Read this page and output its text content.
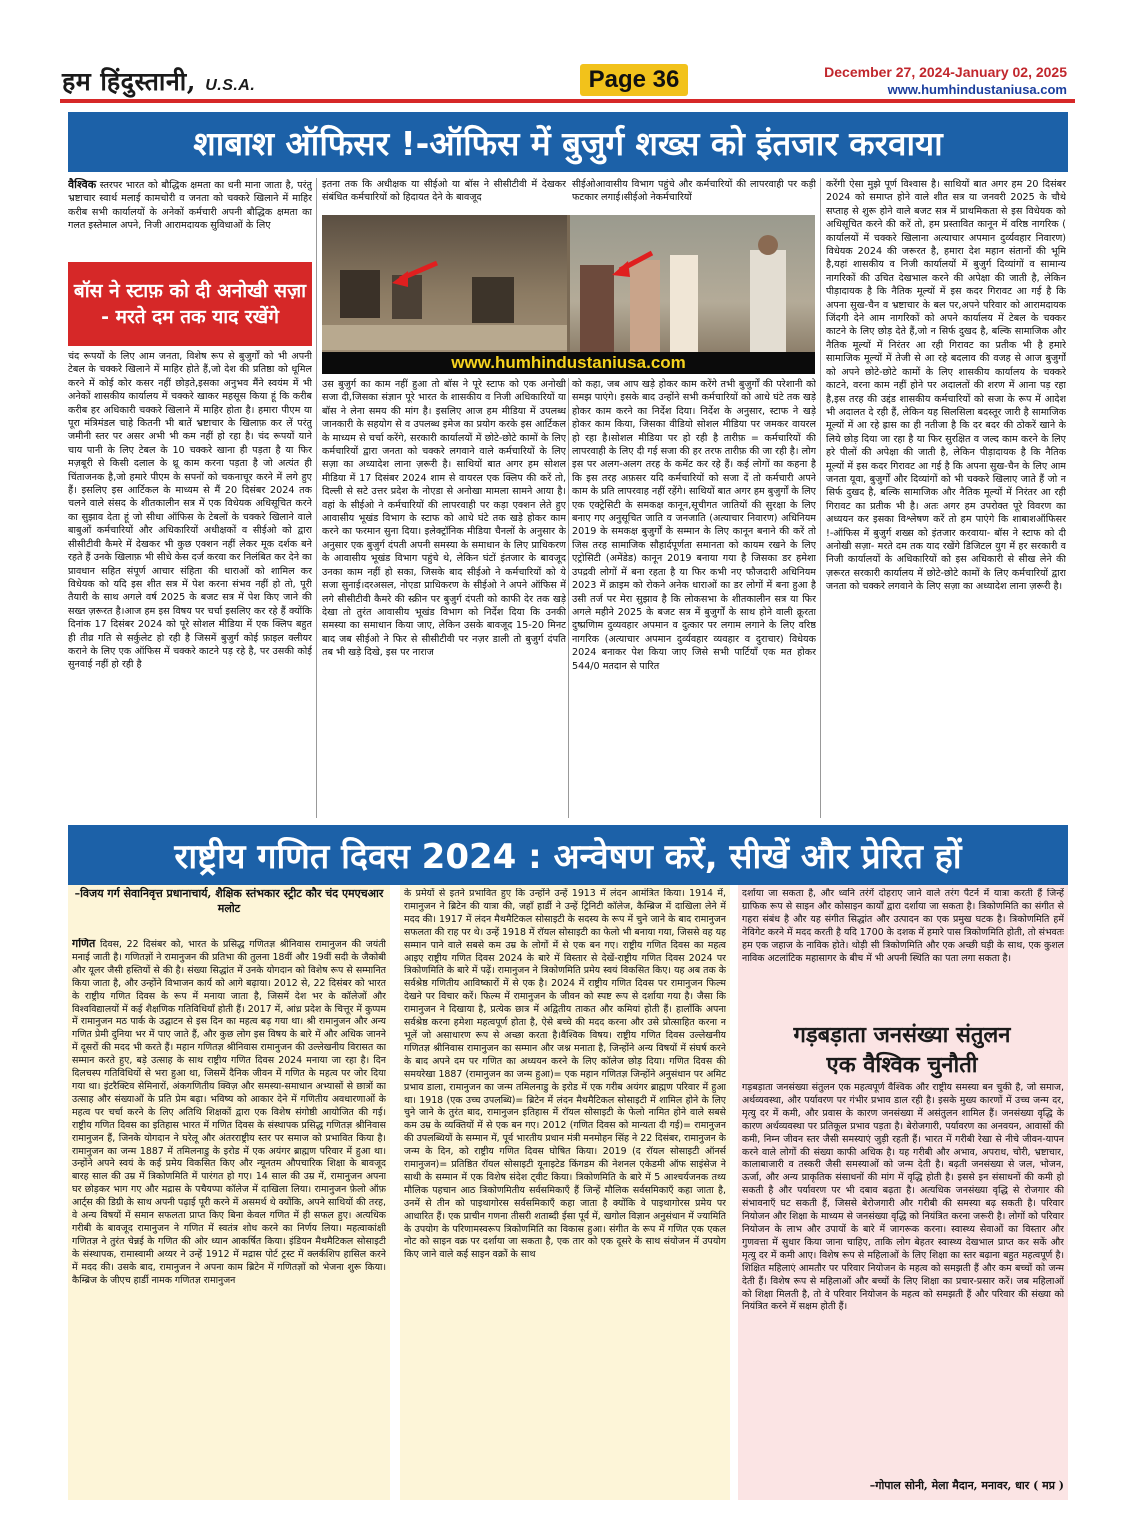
हम हिंदुस्तानी, U.S.A.	Page 36	December 27, 2024-January 02, 2025
www.humhindustaniusa.com
शाबाश ऑफिसर !-ऑफिस में बुजुर्ग शख्स को इंतजार करवाया

वैश्विक स्तरपर भारत को बौद्धिक क्षमता का धनी माना जाता है, परंतु भ्रष्टाचार स्वार्थ मलाई कामचोरी व जनता को चक्करे खिलाने में माहिर करीब सभी कार्यालयों के अनेकों कर्मचारी अपनी बौद्धिक क्षमता का गलत इस्तेमाल अपने, निजी आरामदायक सुविधाओं के लिए

बॉस ने स्टाफ़ को दी अनोखी सज़ा - मरते दम तक याद रखेंगे
चंद रूपयों के लिए आम जनता, विशेष रूप से बुजुर्गों को भी अपनी टेबल के चक्करे खिलाने में माहिर होते हैं,जो देश की प्रतिष्ठा को धूमिल करने में कोई कोर कसर नहीं छोड़ते,इसका अनुभव मैंने स्वयंम में भी अनेकों शासकीय कार्यालय में चक्करे खाकर महसूस किया हूं कि करीब करीब हर अधिकारी चक्करे खिलाने में माहिर होता है। हमारा पीएम या पूरा मंत्रिमंडल चाहे कितनी भी बातें भ्रष्टाचार के खिलाफ़ कर लें परंतु जमीनी स्तर पर असर अभी भी कम नहीं हो रहा है। चंद रूपयों याने चाय पानी के लिए टेबल के 10 चक्करे खाना ही पड़ता है या फिर मज़बूरी से किसी दलाल के थ्रू काम करना पड़ता है जो अत्यंत ही चिंताजनक है,जो हमारे पीएम के सपनों को चकनाचूर करने में लगे हुए हैं। इसलिए इस आर्टिकल के माध्यम से मैं 20 दिसंबर 2024 तक चलने वाले संसद के शीतकालीन सत्र में एक विधेयक अधिसूचित करने का सुझाव देता हूं जो सीधा ऑफिस के टेबलों के चक्करे खिलाने वाले बाबुओं कर्मचारियों और अधिकारियों अधीक्षकों व सीईओ को द्वारा सीसीटीवी कैमरे में देखकर भी कुछ एक्शन नहीं लेकर मूक दर्शक बने रहते हैं उनके खिलाफ़ भी सीधे केस दर्ज करवा कर निलंबित कर देने का प्रावधान सहित संपूर्ण आचार संहिता की धाराओं को शामिल कर विधेयक को यदि इस शीत सत्र में पेश करना संभव नहीं हो तो, पूरी तैयारी के साथ अगले वर्ष 2025 के बजट सत्र में पेश किए जाने की सख्त ज़रूरत है।आज हम इस विषय पर चर्चा इसलिए कर रहे हैं क्योंकि दिनांक 17 दिसंबर 2024 को पूरे सोशल मीडिया में एक क्लिप बहुत ही तीव्र गति से सर्कुलेट हो रही है जिसमें बुजुर्ग कोई फ़ाइल क्लीयर कराने के लिए एक ऑफिस में चक्करे काटने पड़ रहे है, पर उसकी कोई सुनवाई नहीं हो रही है
इतना तक कि अधीक्षक या सीईओ या बॉस ने सीसीटीवी में देखकर संबंधित कर्मचारियों को हिदायत देने के बावजूद
सीईओआवासीय विभाग पहुंचे और कर्मचारियों की लापरवाही पर कड़ी फटकार लगाई।सीईओ नेकर्मचारियों
www.humhindustaniusa.com
उस बुजुर्ग का काम नहीं हुआ तो बॉस ने पूरे स्टाफ को एक अनोखी सजा दी,जिसका संज्ञान पूरे भारत के शासकीय व निजी अधिकारियों या बॉस ने लेना समय की मांग है। इसलिए आज हम मीडिया में उपलब्ध जानकारी के सहयोग से व उपलब्ध इमेज का प्रयोग करके इस आर्टिकल के माध्यम से चर्चा करेंगे, सरकारी कार्यालयों में छोटे-छोटे कामों के लिए कर्मचारियों द्वारा जनता को चक्करे लगवाने वाले कर्मचारियों के लिए सज़ा का अध्यादेश लाना ज़रूरी है। साथियों बात अगर हम सोशल मीडिया में 17 दिसंबर 2024 शाम से वायरल एक क्लिप की करें तो, दिल्ली से सटे उत्तर प्रदेश के नोएडा से अनोखा मामला सामने आया है। वहां के सीईओ ने कर्मचारियों की लापरवाही पर कड़ा एक्शन लेते हुए आवासीय भूखंड विभाग के स्टाफ को आधे घंटे तक खड़े होकर काम करने का फरमान सुना दिया। इलेक्ट्रॉनिक मीडिया चैनलों के अनुसार के अनुसार एक बुजुर्ग दंपती अपनी समस्या के समाधान के लिए प्राधिकरण के आवासीय भूखंड विभाग पहुंचे थे, लेकिन घंटों इंतजार के बावजूद उनका काम नहीं हो सका, जिसके बाद सीईओ ने कर्मचारियों को ये सजा सुनाई।दरअसल, नोएडा प्राधिकरण के सीईओ ने अपने ऑफिस में लगे सीसीटीवी कैमरे की स्क्रीन पर बुजुर्ग दंपती को काफी देर तक खड़े देखा तो तुरंत आवासीय भूखंड विभाग को निर्देश दिया कि उनकी समस्या का समाधान किया जाए, लेकिन उसके बावजूद 15-20 मिनट बाद जब सीईओ ने फिर से सीसीटीवी पर नज़र डाली तो बुजुर्ग दंपति तब भी खड़े दिखे, इस पर नाराज
को कहा, जब आप खड़े होकर काम करेंगे तभी बुजुर्गों की परेशानी को समझ पाएंगे। इसके बाद उन्होंने सभी कर्मचारियों को आधे घंटे तक खड़े होकर काम करने का निर्देश दिया। निर्देश के अनुसार, स्टाफ ने खड़े होकर काम किया, जिसका वीडियो सोशल मीडिया पर जमकर वायरल हो रहा है।सोशल मीडिया पर हो रही है तारीफ़ = कर्मचारियों की लापरवाही के लिए दी गई सजा की हर तरफ तारीफ़ की जा रही है। लोग इस पर अलग-अलग तरह के कमेंट कर रहे हैं। कई लोगों का कहना है कि इस तरह अफ़सर यदि कर्मचारियों को सजा दें तो कर्मचारी अपने काम के प्रति लापरवाह नहीं रहेंगे। साथियों बात अगर हम बुजुर्गों के लिए एक एक्ट्रेसिटी के समकक्ष कानून,सूचीगत जातियों की सुरक्षा के लिए बनाए गए अनुसूचित जाति व जनजाति (अत्याचार निवारण) अधिनियम 2019 के समकक्ष बुजुर्गों के सम्मान के लिए कानून बनाने की करें तो जिस तरह सामाजिक सौहार्दपूर्णता समानता को कायम रखने के लिए एट्रोसिटी (अमेंडेड) कानून 2019 बनाया गया है जिसका डर हमेशा उपद्रवी लोगों में बना रहता है या फिर कभी नए फौजदारी अधिनियम 2023 में क्राइम को रोकने अनेक धाराओं का डर लोगों में बना हुआ है उसी तर्ज पर मेरा सुझाव है कि लोकसभा के शीतकालीन सत्र या फिर अगले महीने 2025 के बजट सत्र में बुजुर्गों के साथ होने वाली क्रूरता दुष्प्रणिाम दुव्यवहार अपमान व दुत्कार पर लगाम लगाने के लिए वरिष्ठ नागरिक (अत्याचार अपमान दुर्व्यवहार व्यवहार व दुराचार) विधेयक 2024 बनाकर पेश किया जाए जिसे सभी पार्टियाँ एक मत होकर 544/0 मतदान से पारित
करेंगी ऐसा मुझे पूर्ण विश्वास है। साथियों बात अगर हम 20 दिसंबर 2024 को समाप्त होने वाले शीत सत्र या जनवरी 2025 के चौथे सप्ताह से शुरू होने वाले बजट सत्र में प्राथमिकता से इस विधेयक को अधिसूचित करने की करें तो, हम प्रस्तावित कानून में वरिष्ठ नागरिक ( कार्यालयों में चक्करे खिलाना अत्याचार अपमान दुर्व्यवहार निवारण) विधेयक 2024 की जरूरत है, हमारा देश महान संतानों की भूमि है,यहां शासकीय व निजी कार्यालयों में बुजुर्ग दिव्यांगों व सामान्य नागरिकों की उचित देखभाल करने की अपेक्षा की जाती है, लेकिन पीड़ादायक है कि नैतिक मूल्यों में इस कदर गिरावट आ गई है कि अपना सुख-चैन व भ्रष्टाचार के बल पर,अपने परिवार को आरामदायक जिंदगी देने आम नागरिकों को अपने कार्यालय में टेबल के चक्कर काटने के लिए छोड़ देते हैं,जो न सिर्फ दुखद है, बल्कि सामाजिक और नैतिक मूल्यों में निरंतर आ रही गिरावट का प्रतीक भी है हमारे सामाजिक मूल्यों में तेजी से आ रहे बदलाव की वजह से आज बुजुर्गों को अपने छोटे-छोटे कामों के लिए शासकीय कार्यालय के चक्करे काटने, वरना काम नहीं होने पर अदालतों की शरण में आना पड़ रहा है,इस तरह की उद्दंड शासकीय कर्मचारियों को सजा के रूप में आदेश भी अदालत दे रही हैं, लेकिन यह सिलसिला बदस्तूर जारी है सामाजिक मूल्यों में आ रहे ह्रास का ही नतीजा है कि दर बदर की ठोकरें खाने के लिये छोड़ दिया जा रहा है या फिर सुरक्षित व जल्द काम करने के लिए हरे पीलों की अपेक्षा की जाती है, लेकिन पीड़ादायक है कि नैतिक मूल्यों में इस कदर गिरावट आ गई है कि अपना सुख-चैन के लिए आम जनता यूवा, बुजुर्गों और दिव्यांगों को भी चक्करे खिलाए जाते हैं जो न सिर्फ दुखद है, बल्कि सामाजिक और नैतिक मूल्यों में निरंतर आ रही गिरावट का प्रतीक भी है। अतः अगर हम उपरोक्त पूरे विवरण का अध्ययन कर इसका विश्लेषण करें तो हम पाएंगे कि शाबाशऑफिसर !-ऑफिस में बुजुर्ग शख्स को इंतजार करवाया- बॉस ने स्टाफ को दी अनोखी सज़ा- मरते दम तक याद रखेंगे डिजिटल युग में हर सरकारी व निजी कार्यालयों के अधिकारियों को इस अधिकारी से सीख लेने की ज़रूरत सरकारी कार्यालय में छोटे-छोटे कामों के लिए कर्मचारियों द्वारा जनता को चक्करे लगवाने के लिए सज़ा का अध्यादेश लाना ज़रूरी है।
राष्ट्रीय गणित दिवस 2024 : अन्वेषण करें, सीखें और प्रेरित हों
–विजय गर्ग सेवानिवृत्त प्रधानाचार्य, शैक्षिक स्तंभकार स्ट्रीट कौर चंद एमएचआर मलोट

गणित दिवस, 22 दिसंबर को, भारत के प्रसिद्ध गणितज्ञ श्रीनिवास रामानुजन की जयंती मनाई जाती है। गणितज्ञों ने रामानुजन की प्रतिभा की तुलना 18वीं और 19वीं सदी के जैकोबी और यूलर जैसी हस्तियों से की है। संख्या सिद्धांत में उनके योगदान को विशेष रूप से सम्मानित किया जाता है, और उन्होंने विभाजन कार्य को आगे बढ़ाया। 2012 से, 22 दिसंबर को भारत के राष्ट्रीय गणित दिवस के रूप में मनाया जाता है, जिसमें देश भर के कॉलेजों और विश्वविद्यालयों में कई शैक्षणिक गतिविधियाँ होती हैं। 2017 में, आंध्र प्रदेश के चित्तूर में कुप्पम में रामानुजन मठ पार्क के उद्घाटन से इस दिन का महत्व बढ़ गया था। श्री रामानुजन और अन्य गणित प्रेमी दुनिया भर में पाए जाते हैं, और कुछ लोग इस विषय के बारे में और अधिक जानने में दूसरों की मदद भी करते हैं। महान गणितज्ञ श्रीनिवास रामानुजन की उल्लेखनीय विरासत का सम्मान करते हुए, बड़े उत्साह के साथ राष्ट्रीय गणित दिवस 2024 मनाया जा रहा है। दिन दिलचस्प गतिविधियों से भरा हुआ था, जिसमें दैनिक जीवन में गणित के महत्व पर जोर दिया गया था। इंटरैक्टिव सेमिनारों, अंकगणितीय क्विज़ और समस्या-समाधान अभ्यासों से छात्रों का उत्साह और संख्याओं के प्रति प्रेम बढ़ा। भविष्य को आकार देने में गणितीय अवधारणाओं के महत्व पर चर्चा करने के लिए अतिथि शिक्षकों द्वारा एक विशेष संगोष्ठी आयोजित की गई। राष्ट्रीय गणित दिवस का इतिहास भारत में गणित दिवस के संस्थापक प्रसिद्ध गणितज्ञ श्रीनिवास रामानुजन हैं, जिनके योगदान ने घरेलू और अंतरराष्ट्रीय स्तर पर समाज को प्रभावित किया है। रामानुजन का जन्म 1887 में तमिलनाडु के इरोड में एक अयंगर ब्राह्मण परिवार में हुआ था। उन्होंने अपने स्वयं के कई प्रमेय विकसित किए और न्यूनतम औपचारिक शिक्षा के बावजूद बारह साल की उम्र में त्रिकोणमिति में पारंगत हो गए। 14 साल की उम्र में, रामानुजन अपना घर छोड़कर भाग गए और मद्रास के पचैयप्पा कॉलेज में दाखिला लिया। रामानुजन फ़ेलो ऑफ़ आर्ट्स की डिग्री के साथ अपनी पढ़ाई पूरी करने में असमर्थ थे क्योंकि, अपने साथियों की तरह, वे अन्य विषयों में समान सफलता प्राप्त किए बिना केवल गणित में ही सफल हुए। अत्यधिक गरीबी के बावजूद रामानुजन ने गणित में स्वतंत्र शोध करने का निर्णय लिया। महत्वाकांक्षी गणितज्ञ ने तुरंत चेन्नई के गणित की ओर ध्यान आकर्षित किया। इंडियन मैथमैटिकल सोसाइटी के संस्थापक, रामास्वामी अय्यर ने उन्हें 1912 में मद्रास पोर्ट ट्रस्ट में क्लर्कशिप हासिल करने में मदद की। उसके बाद, रामानुजन ने अपना काम ब्रिटेन में गणितज्ञों को भेजना शुरू किया। कैम्ब्रिज के जीएच हार्डी नामक गणितज्ञ रामानुजन

के प्रमेयों से इतने प्रभावित हुए कि उन्होंने उन्हें 1913 में लंदन आमंत्रित किया। 1914 में, रामानुजन ने ब्रिटेन की यात्रा की, जहाँ हार्डी ने उन्हें ट्रिनिटी कॉलेज, कैम्ब्रिज में दाखिला लेने में मदद की। 1917 में लंदन मैथमैटिकल सोसाइटी के सदस्य के रूप में चुने जाने के बाद रामानुजन सफलता की राह पर थे। उन्हें 1918 में रॉयल सोसाइटी का फेलो भी बनाया गया, जिससे वह यह सम्मान पाने वाले सबसे कम उम्र के लोगों में से एक बन गए। राष्ट्रीय गणित दिवस का महत्व आइए राष्ट्रीय गणित दिवस 2024 के बारे में विस्तार से देखें-राष्ट्रीय गणित दिवस 2024 पर त्रिकोणमिति के बारे में पढ़ें। रामानुजन ने त्रिकोणमिति प्रमेय स्वयं विकसित किए। यह अब तक के सर्वश्रेष्ठ गणितीय आविष्कारों में से एक है। 2024 में राष्ट्रीय गणित दिवस पर रामानुजन फिल्म देखने पर विचार करें। फिल्म में रामानुजन के जीवन को स्पष्ट रूप से दर्शाया गया है। जैसा कि रामानुजन ने दिखाया है, प्रत्येक छात्र में अद्वितीय ताकत और कमियां होती हैं। हालाँकि अपना सर्वश्रेष्ठ करना हमेशा महत्वपूर्ण होता है, ऐसे बच्चे की मदद करना और उसे प्रोत्साहित करना न भूलें जो असाधारण रूप से अच्छा करता है।वैश्विक विषय। राष्ट्रीय गणित दिवस उल्लेखनीय गणितज्ञ श्रीनिवास रामानुजन का सम्मान और जश्न मनाता है, जिन्होंने अन्य विषयों में संघर्ष करने के बाद अपने दम पर गणित का अध्ययन करने के लिए कॉलेज छोड़ दिया। गणित दिवस की समयरेखा 1887 (रामानुजन का जन्म हुआ)= एक महान गणितज्ञ जिन्होंने अनुसंधान पर अमिट प्रभाव डाला, रामानुजन का जन्म तमिलनाडु के इरोड में एक गरीब अयंगर ब्राह्मण परिवार में हुआ था। 1918 (एक उच्च उपलब्धि)= ब्रिटेन में लंदन मैथमैटिकल सोसाइटी में शामिल होने के लिए चुने जाने के तुरंत बाद, रामानुजन इतिहास में रॉयल सोसाइटी के फेलो नामित होने वाले सबसे कम उम्र के व्यक्तियों में से एक बन गए। 2012 (गणित दिवस को मान्यता दी गई)= रामानुजन की उपलब्धियों के सम्मान में, पूर्व भारतीय प्रधान मंत्री मनमोहन सिंह ने 22 दिसंबर, रामानुजन के जन्म के दिन, को राष्ट्रीय गणित दिवस घोषित किया। 2019 (द रॉयल सोसाइटी ऑनर्स रामानुजन)= प्रतिष्ठित रॉयल सोसाइटी यूनाइटेड किंगडम की नेशनल एकेडमी ऑफ साइंसेज ने साथी के सम्मान में एक विशेष संदेश ट्वीट किया। त्रिकोणमिति के बारे में 5 आश्चर्यजनक तथ्य मौलिक पहचान आठ त्रिकोणमितीय सर्वसमिकाएँ हैं जिन्हें मौलिक सर्वसमिकाएँ कहा जाता है, उनमें से तीन को पाइथागोरस सर्वसमिकाएँ कहा जाता है क्योंकि वे पाइथागोरस प्रमेय पर आधारित हैं। एक प्राचीन गणना तीसरी शताब्दी ईसा पूर्व में, खगोल विज्ञान अनुसंधान में ज्यामिति के उपयोग के परिणामस्वरूप त्रिकोणमिति का विकास हुआ। संगीत के रूप में गणित एक एकल नोट को साइन वक्र पर दर्शाया जा सकता है, एक तार को एक दूसरे के साथ संयोजन में उपयोग किए जाने वाले कई साइन वक्रों के साथ
दर्शाया जा सकता है, और ध्वनि तरंगें दोहराए जाने वाले तरंग पैटर्न में यात्रा करती हैं जिन्हें ग्राफिक रूप से साइन और कोसाइन कार्यों द्वारा दर्शाया जा सकता है। त्रिकोणमिति का संगीत से गहरा संबंध है और यह संगीत सिद्धांत और उत्पादन का एक प्रमुख घटक है। त्रिकोणमिति हमें नेविगेट करने में मदद करती है यदि 1700 के दशक में हमारे पास त्रिकोणमिति होती, तो संभवतः हम एक जहाज के नाविक होते। थोड़ी सी त्रिकोणमिति और एक अच्छी घड़ी के साथ, एक कुशल नाविक अटलांटिक महासागर के बीच में भी अपनी स्थिति का पता लगा सकता है।
गड़बड़ाता जनसंख्या संतुलन
एक वैश्विक चुनौती
गड़बड़ाता जनसंख्या संतुलन एक महत्वपूर्ण वैश्विक और राष्ट्रीय समस्या बन चुकी है, जो समाज, अर्थव्यवस्था, और पर्यावरण पर गंभीर प्रभाव डाल रही है। इसके मुख्य कारणों में उच्च जन्म दर, मृत्यु दर में कमी, और प्रवास के कारण जनसंख्या में असंतुलन शामिल हैं। जनसंख्या वृद्धि के कारण अर्थव्यवस्था पर प्रतिकूल प्रभाव पड़ता है। बेरोजगारी, पर्यावरण का अनवयन, आवासों की कमी, निम्न जीवन स्तर जैसी समस्याएं जुड़ी रहती हैं। भारत में गरीबी रेखा से नीचे जीवन-यापन करने वाले लोगों की संख्या काफी अधिक है। यह गरीबी और अभाव, अपराध, चोरी, भ्रष्टाचार, कालाबाजारी व तस्करी जैसी समस्याओं को जन्म देती है। बढ़ती जनसंख्या से जल, भोजन, ऊर्जा, और अन्य प्राकृतिक संसाधनों की मांग में वृद्धि होती है। इससे इन संसाधनों की कमी हो सकती है और पर्यावरण पर भी दबाव बढ़ता है। अत्यधिक जनसंख्या वृद्धि से रोजगार की संभावनाएँ घट सकती हैं, जिससे बेरोजगारी और गरीबी की समस्या बढ़ सकती है। परिवार नियोजन और शिक्षा के माध्यम से जनसंख्या वृद्धि को नियंत्रित करना जरूरी है। लोगों को परिवार नियोजन के लाभ और उपायों के बारे में जागरूक करना। स्वास्थ्य सेवाओं का विस्तार और गुणवत्ता में सुधार किया जाना चाहिए, ताकि लोग बेहतर स्वास्थ्य देखभाल प्राप्त कर सकें और मृत्यु दर में कमी आए। विशेष रूप से महिलाओं के लिए शिक्षा का स्तर बढ़ाना बहुत महत्वपूर्ण है। शिक्षित महिलाएं आमतौर पर परिवार नियोजन के महत्व को समझती हैं और कम बच्चों को जन्म देती हैं। विशेष रूप से महिलाओं और बच्चों के लिए शिक्षा का प्रचार-प्रसार करें। जब महिलाओं को शिक्षा मिलती है, तो वे परिवार नियोजन के महत्व को समझती हैं और परिवार की संख्या को नियंत्रित करने में सक्षम होती हैं।
–गोपाल सोनी, मेला मैदान, मनावर, धार ( मप्र )
